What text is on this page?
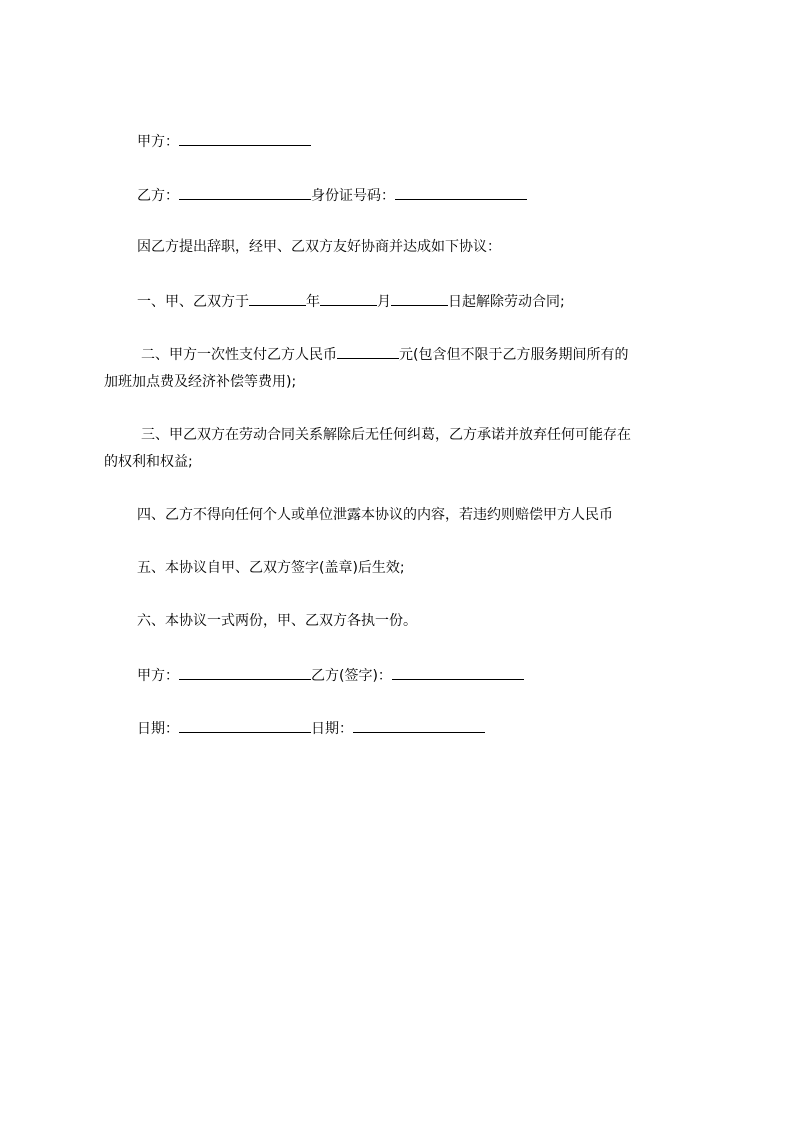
甲方：
乙方：	身份证号码：
因乙方提出辞职，经甲、乙双方友好协商并达成如下协议：
一、甲、乙双方于	年	月	日起解除劳动合同;
二、甲方一次性支付乙方人民币	元(包含但不限于乙方服务期间所有的
加班加点费及经济补偿等费用);
三、甲乙双方在劳动合同关系解除后无任何纠葛，乙方承诺并放弃任何可能存在
的权利和权益;
四、乙方不得向任何个人或单位泄露本协议的内容，若违约则赔偿甲方人民币
五、本协议自甲、乙双方签字(盖章)后生效;
六、本协议一式两份，甲、乙双方各执一份。
甲方：	乙方(签字)：
日期：	日期：
